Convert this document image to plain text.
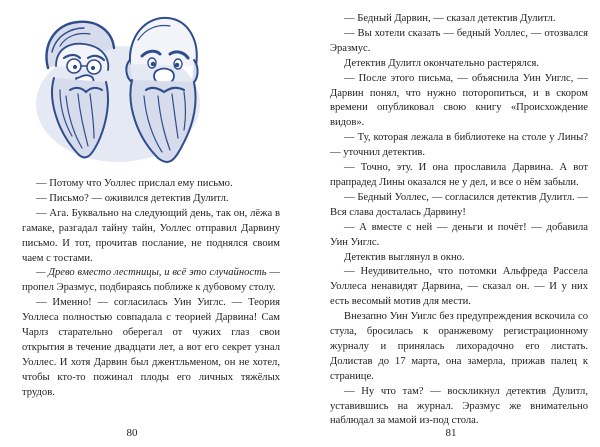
— Потому что Уоллес прислал ему письмо.

— Письмо? — оживился детектив Дулитл.

— Ага. Буквально на следующий день, так он, лёжа в гамаке, разгадал тайну тайн, Уоллес отправил Дарвину письмо. И тот, прочитав послание, не поднялся своим чаем с тостами.

— Древо вместо лестницы, и всё это случайность — пропел Эразмус, подбираясь поближе к дубовому столу.

— Именно! — согласилась Уин Уиглс. — Теория Уоллеса полностью совпадала с теорией Дарвина! Сам Чарлз старательно оберегал от чужих глаз свои открытия в течение двадцати лет, а вот его секрет узнал Уоллес. И хотя Дарвин был джентльменом, он не хотел, чтобы кто-то пожинал плоды его личных тяжёлых трудов.

80

— Бедный Дарвин, — сказал детектив Дулитл.

— Вы хотели сказать — бедный Уоллес, — отозвался Эразмус.

Детектив Дулитл окончательно растерялся.

— После этого письма, — объяснила Уин Уиглс, — Дарвин понял, что нужно поторопиться, и в скором времени опубликовал свою книгу «Происхождение видов».

— Ту, которая лежала в библиотеке на столе у Лины? — уточнил детектив.

— Точно, эту. И она прославила Дарвина. А вот прапрадед Лины оказался не у дел, и все о нём забыли.

— Бедный Уоллес, — согласился детектив Дулитл. — Вся слава досталась Дарвину!

— А вместе с ней — деньги и почёт! — добавила Уин Уиглс.

Детектив выглянул в окно.

— Неудивительно, что потомки Альфреда Рассела Уоллеса ненавидят Дарвина, — сказал он. — И у них есть весомый мотив для мести.

Внезапно Уин Уиглс без предупреждения вскочила со стула, бросилась к оранжевому регистрационному журналу и принялась лихорадочно его листать. Долистав до 17 марта, она замерла, прижав палец к странице.

— Ну что там? — воскликнул детектив Дулитл, уставившись на журнал. Эразмус же внимательно наблюдал за мамой из-под стола.

81
